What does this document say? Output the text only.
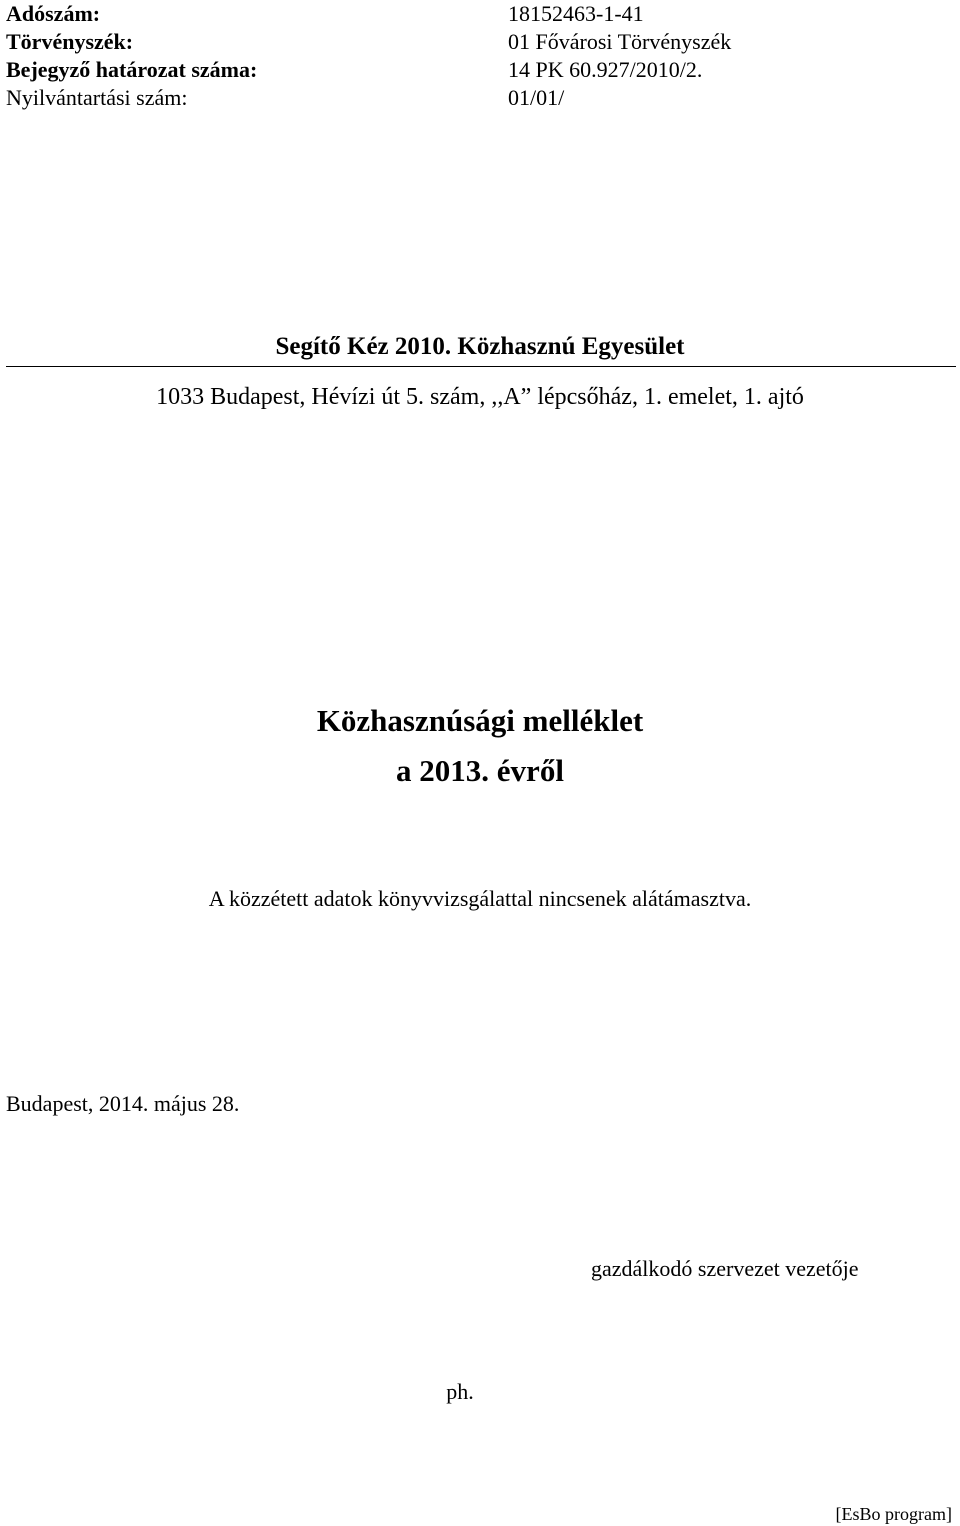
Adószám:	18152463-1-41
Törvényszék:	01 Fővárosi Törvényszék
Bejegyző határozat száma:	14 PK 60.927/2010/2.
Nyilvántartási szám:	01/01/
Segítő Kéz 2010. Közhasznú Egyesület
1033 Budapest, Hévízi út 5. szám, ,,A” lépcsőház, 1. emelet, 1. ajtó
Közhasznúsági melléklet
a 2013. évről
A közzétett adatok könyvvizsgálattal nincsenek alátámasztva.
Budapest, 2014. május 28.
gazdálkodó szervezet vezetője
ph.
[EsBo program]
